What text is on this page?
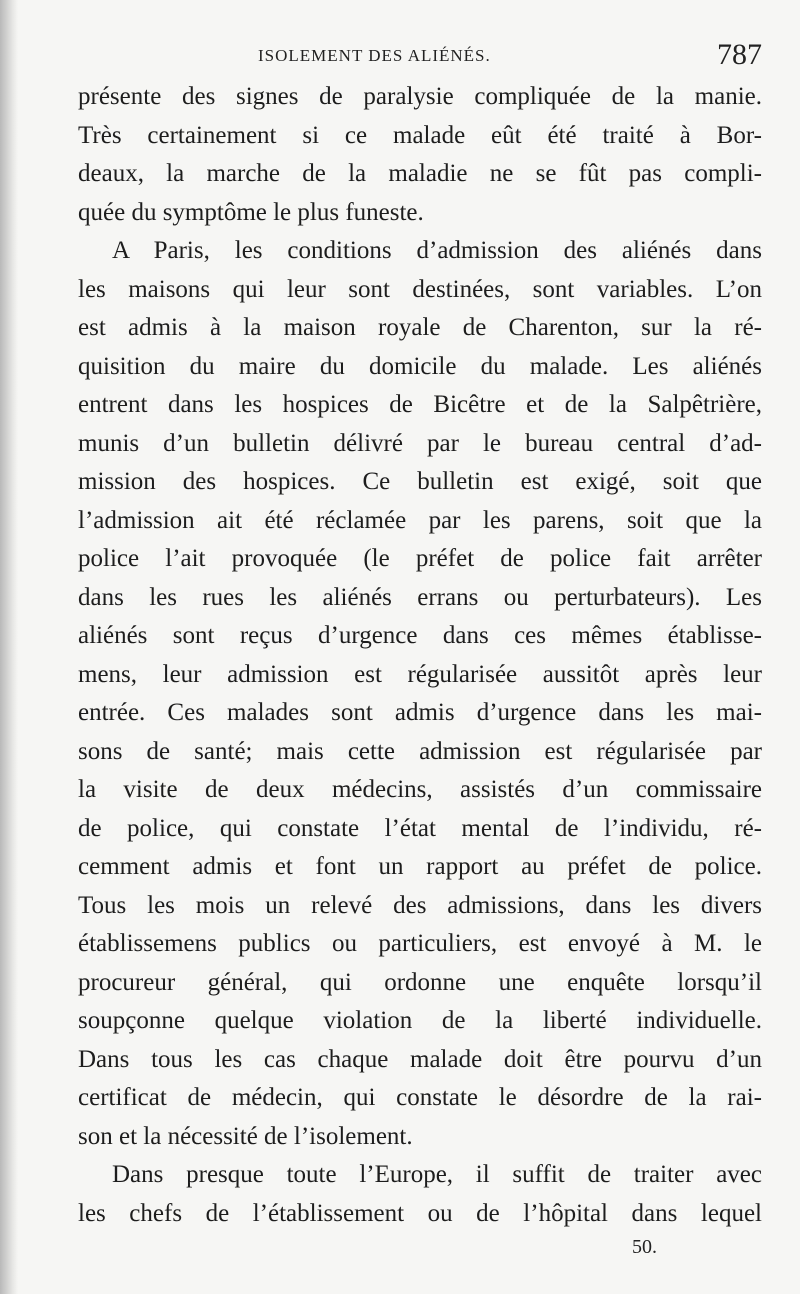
ISOLEMENT DES ALIÉNÉS.	787

présente des signes de paralysie compliquée de la manie.
Très certainement si ce malade eût été traité à Bor-
deaux, la marche de la maladie ne se fût pas compli-
quée du symptôme le plus funeste.

A Paris, les conditions d’admission des aliénés dans
les maisons qui leur sont destinées, sont variables. L’on
est admis à la maison royale de Charenton, sur la ré-
quisition du maire du domicile du malade. Les aliénés
entrent dans les hospices de Bicêtre et de la Salpêtrière,
munis d’un bulletin délivré par le bureau central d’ad-
mission des hospices. Ce bulletin est exigé, soit que
l’admission ait été réclamée par les parens, soit que la
police l’ait provoquée (le préfet de police fait arrêter
dans les rues les aliénés errans ou perturbateurs). Les
aliénés sont reçus d’urgence dans ces mêmes établisse-
mens, leur admission est régularisée aussitôt après leur
entrée. Ces malades sont admis d’urgence dans les mai-
sons de santé; mais cette admission est régularisée par
la visite de deux médecins, assistés d’un commissaire
de police, qui constate l’état mental de l’individu, ré-
cemment admis et font un rapport au préfet de police.
Tous les mois un relevé des admissions, dans les divers
établissemens publics ou particuliers, est envoyé à M. le
procureur général, qui ordonne une enquête lorsqu’il
soupçonne quelque violation de la liberté individuelle.
Dans tous les cas chaque malade doit être pourvu d’un
certificat de médecin, qui constate le désordre de la rai-
son et la nécessité de l’isolement.

Dans presque toute l’Europe, il suffit de traiter avec
les chefs de l’établissement ou de l’hôpital dans lequel

50.
